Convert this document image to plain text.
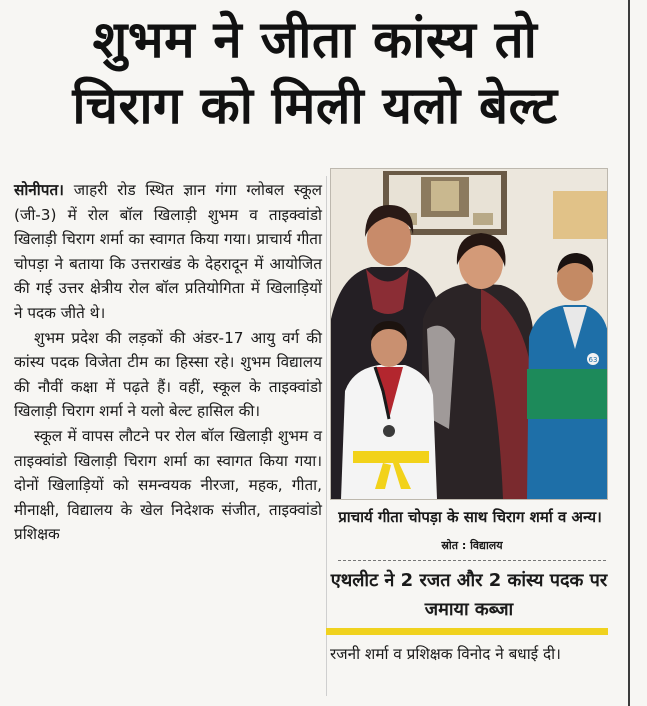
शुभम ने जीता कांस्य तो
चिराग को मिली यलो बेल्ट

सोनीपत। जाहरी रोड स्थित ज्ञान गंगा ग्लोबल स्कूल (जी-3) में रोल बॉल खिलाड़ी शुभम व ताइक्वांडो खिलाड़ी चिराग शर्मा का स्वागत किया गया। प्राचार्य गीता चोपड़ा ने बताया कि उत्तराखंड के देहरादून में आयोजित की गई उत्तर क्षेत्रीय रोल बॉल प्रतियोगिता में खिलाड़ियों ने पदक जीते थे।

शुभम प्रदेश की लड़कों की अंडर-17 आयु वर्ग की कांस्य पदक विजेता टीम का हिस्सा रहे। शुभम विद्यालय की नौवीं कक्षा में पढ़ते हैं। वहीं, स्कूल के ताइक्वांडो खिलाड़ी चिराग शर्मा ने यलो बेल्ट हासिल की।

स्कूल में वापस लौटने पर रोल बॉल खिलाड़ी शुभम व ताइक्वांडो खिलाड़ी चिराग शर्मा का स्वागत किया गया। दोनों खिलाड़ियों को समन्वयक नीरजा, महक, गीता, मीनाक्षी, विद्यालय के खेल निदेशक संजीत, ताइक्वांडो प्रशिक्षक

63
प्राचार्य गीता चोपड़ा के साथ चिराग शर्मा व अन्य।स्रोत : विद्यालय
एथलीट ने 2 रजत और 2 कांस्य पदक पर जमाया कब्जा

रजनी शर्मा व प्रशिक्षक विनोद ने बधाई दी।
